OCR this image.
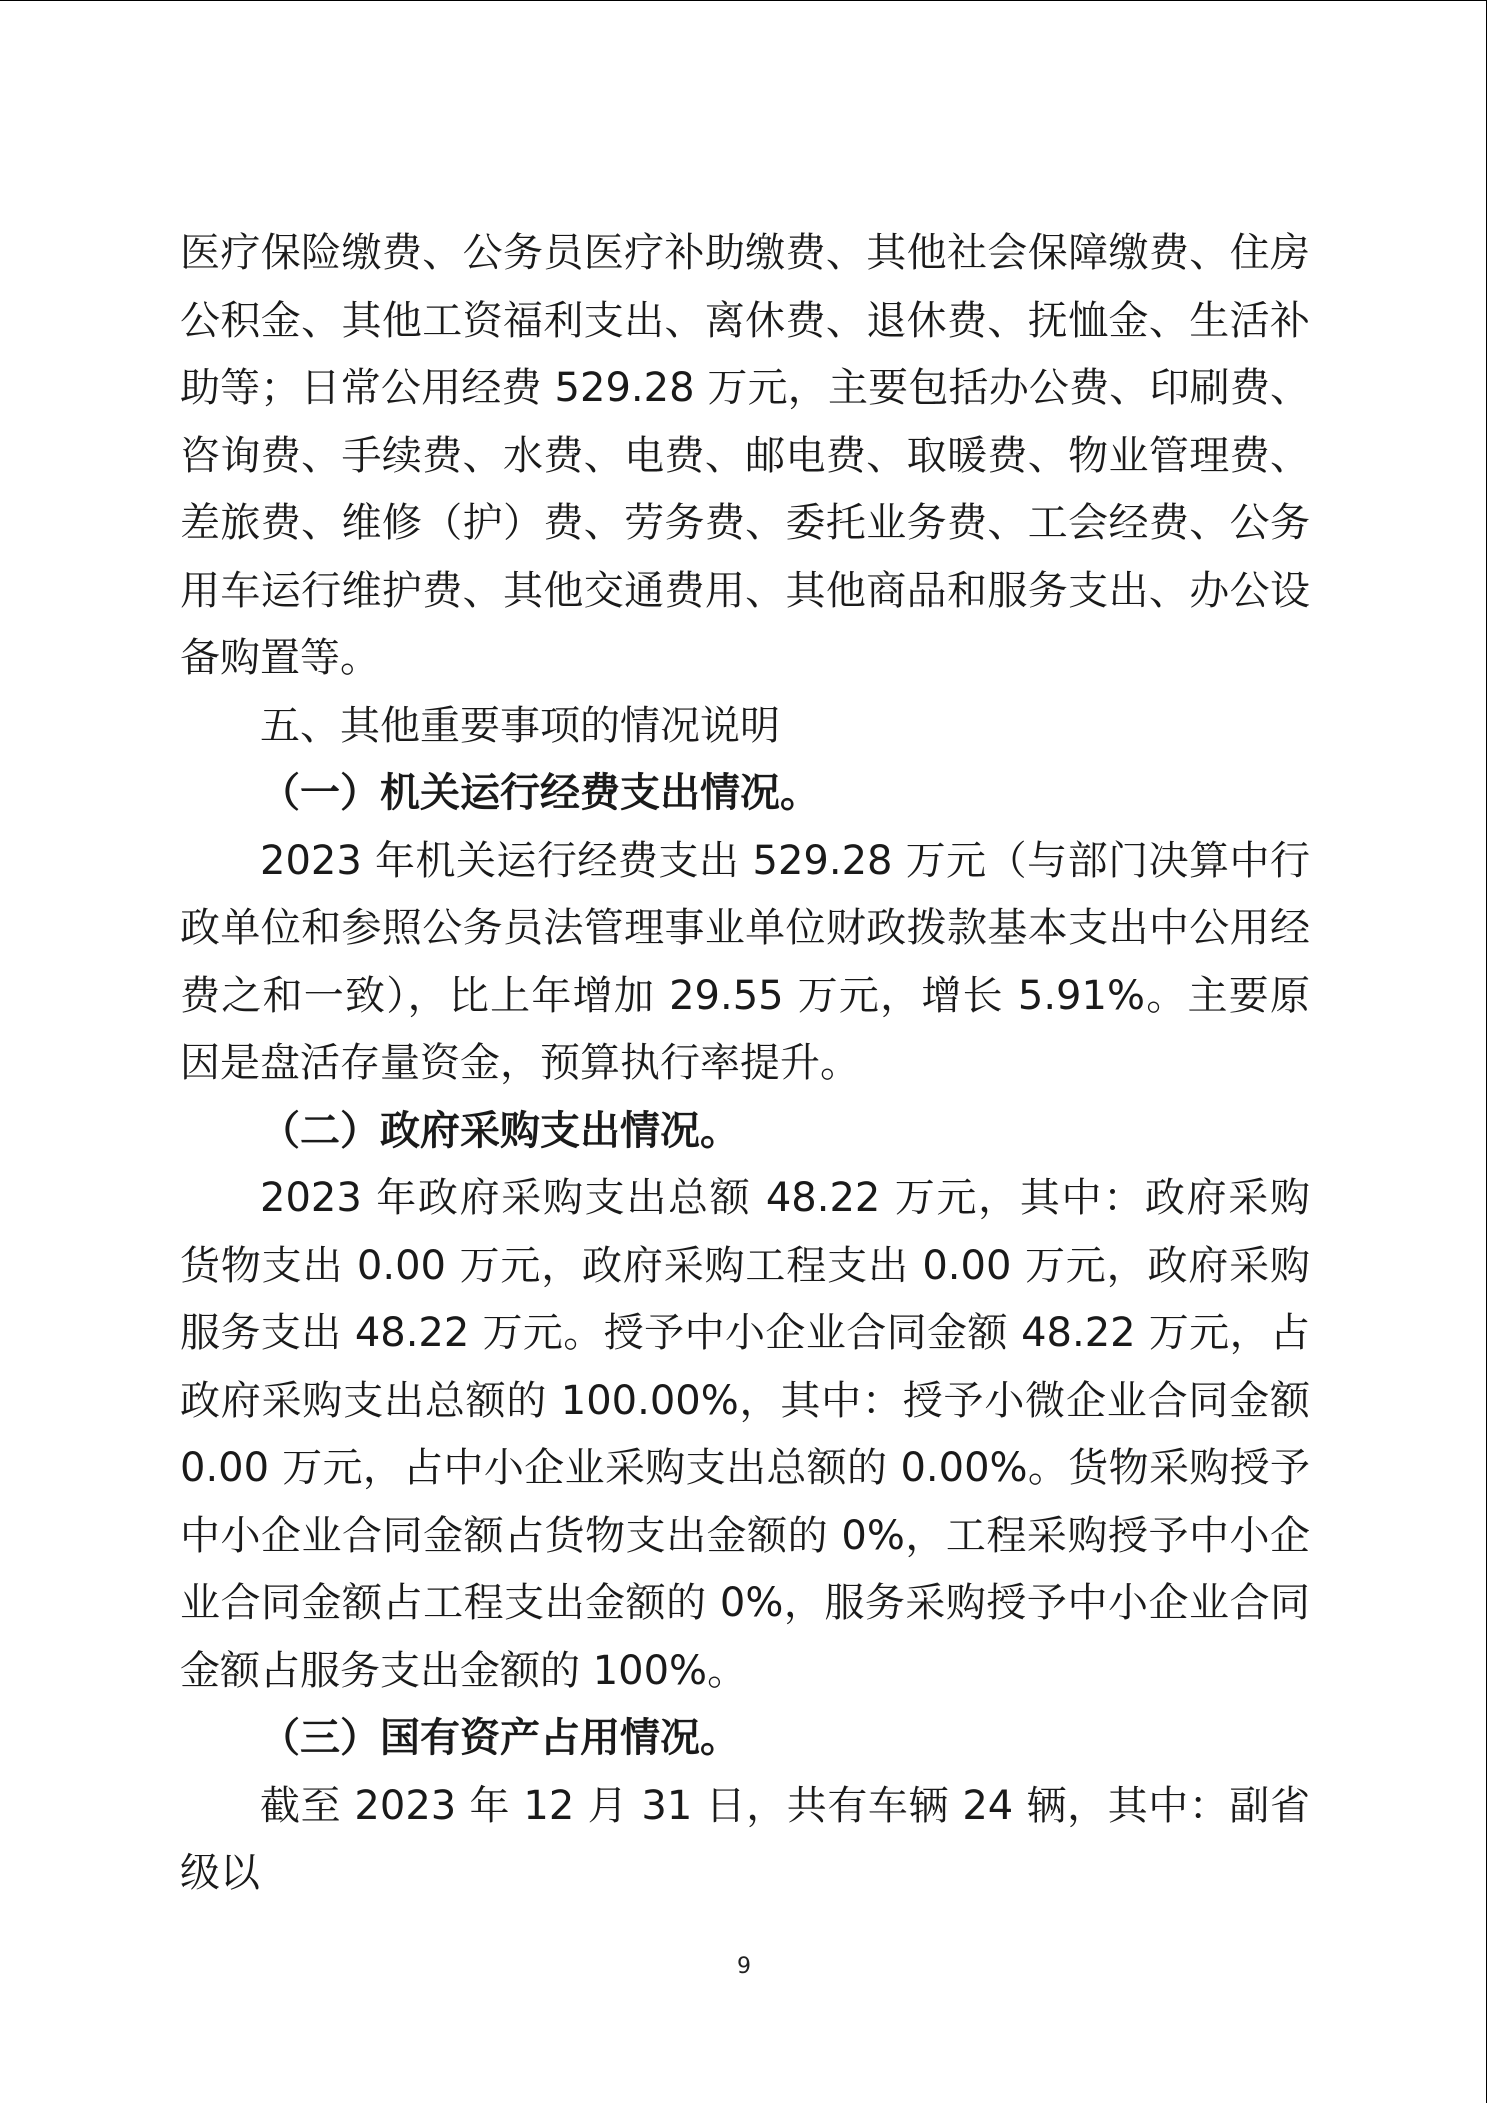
医疗保险缴费、公务员医疗补助缴费、其他社会保障缴费、住房公积金、其他工资福利支出、离休费、退休费、抚恤金、生活补助等；日常公用经费 529.28 万元，主要包括办公费、印刷费、咨询费、手续费、水费、电费、邮电费、取暖费、物业管理费、差旅费、维修（护）费、劳务费、委托业务费、工会经费、公务用车运行维护费、其他交通费用、其他商品和服务支出、办公设备购置等。

五、其他重要事项的情况说明

（一）机关运行经费支出情况。

2023 年机关运行经费支出 529.28 万元（与部门决算中行政单位和参照公务员法管理事业单位财政拨款基本支出中公用经费之和一致），比上年增加 29.55 万元，增长 5.91%。主要原因是盘活存量资金，预算执行率提升。

（二）政府采购支出情况。

2023 年政府采购支出总额 48.22 万元，其中：政府采购货物支出 0.00 万元，政府采购工程支出 0.00 万元，政府采购服务支出 48.22 万元。授予中小企业合同金额 48.22 万元，占政府采购支出总额的 100.00%，其中：授予小微企业合同金额 0.00 万元，占中小企业采购支出总额的 0.00%。货物采购授予中小企业合同金额占货物支出金额的 0%，工程采购授予中小企业合同金额占工程支出金额的 0%，服务采购授予中小企业合同金额占服务支出金额的 100%。

（三）国有资产占用情况。

截至 2023 年 12 月 31 日，共有车辆 24 辆，其中：副省级以

9
